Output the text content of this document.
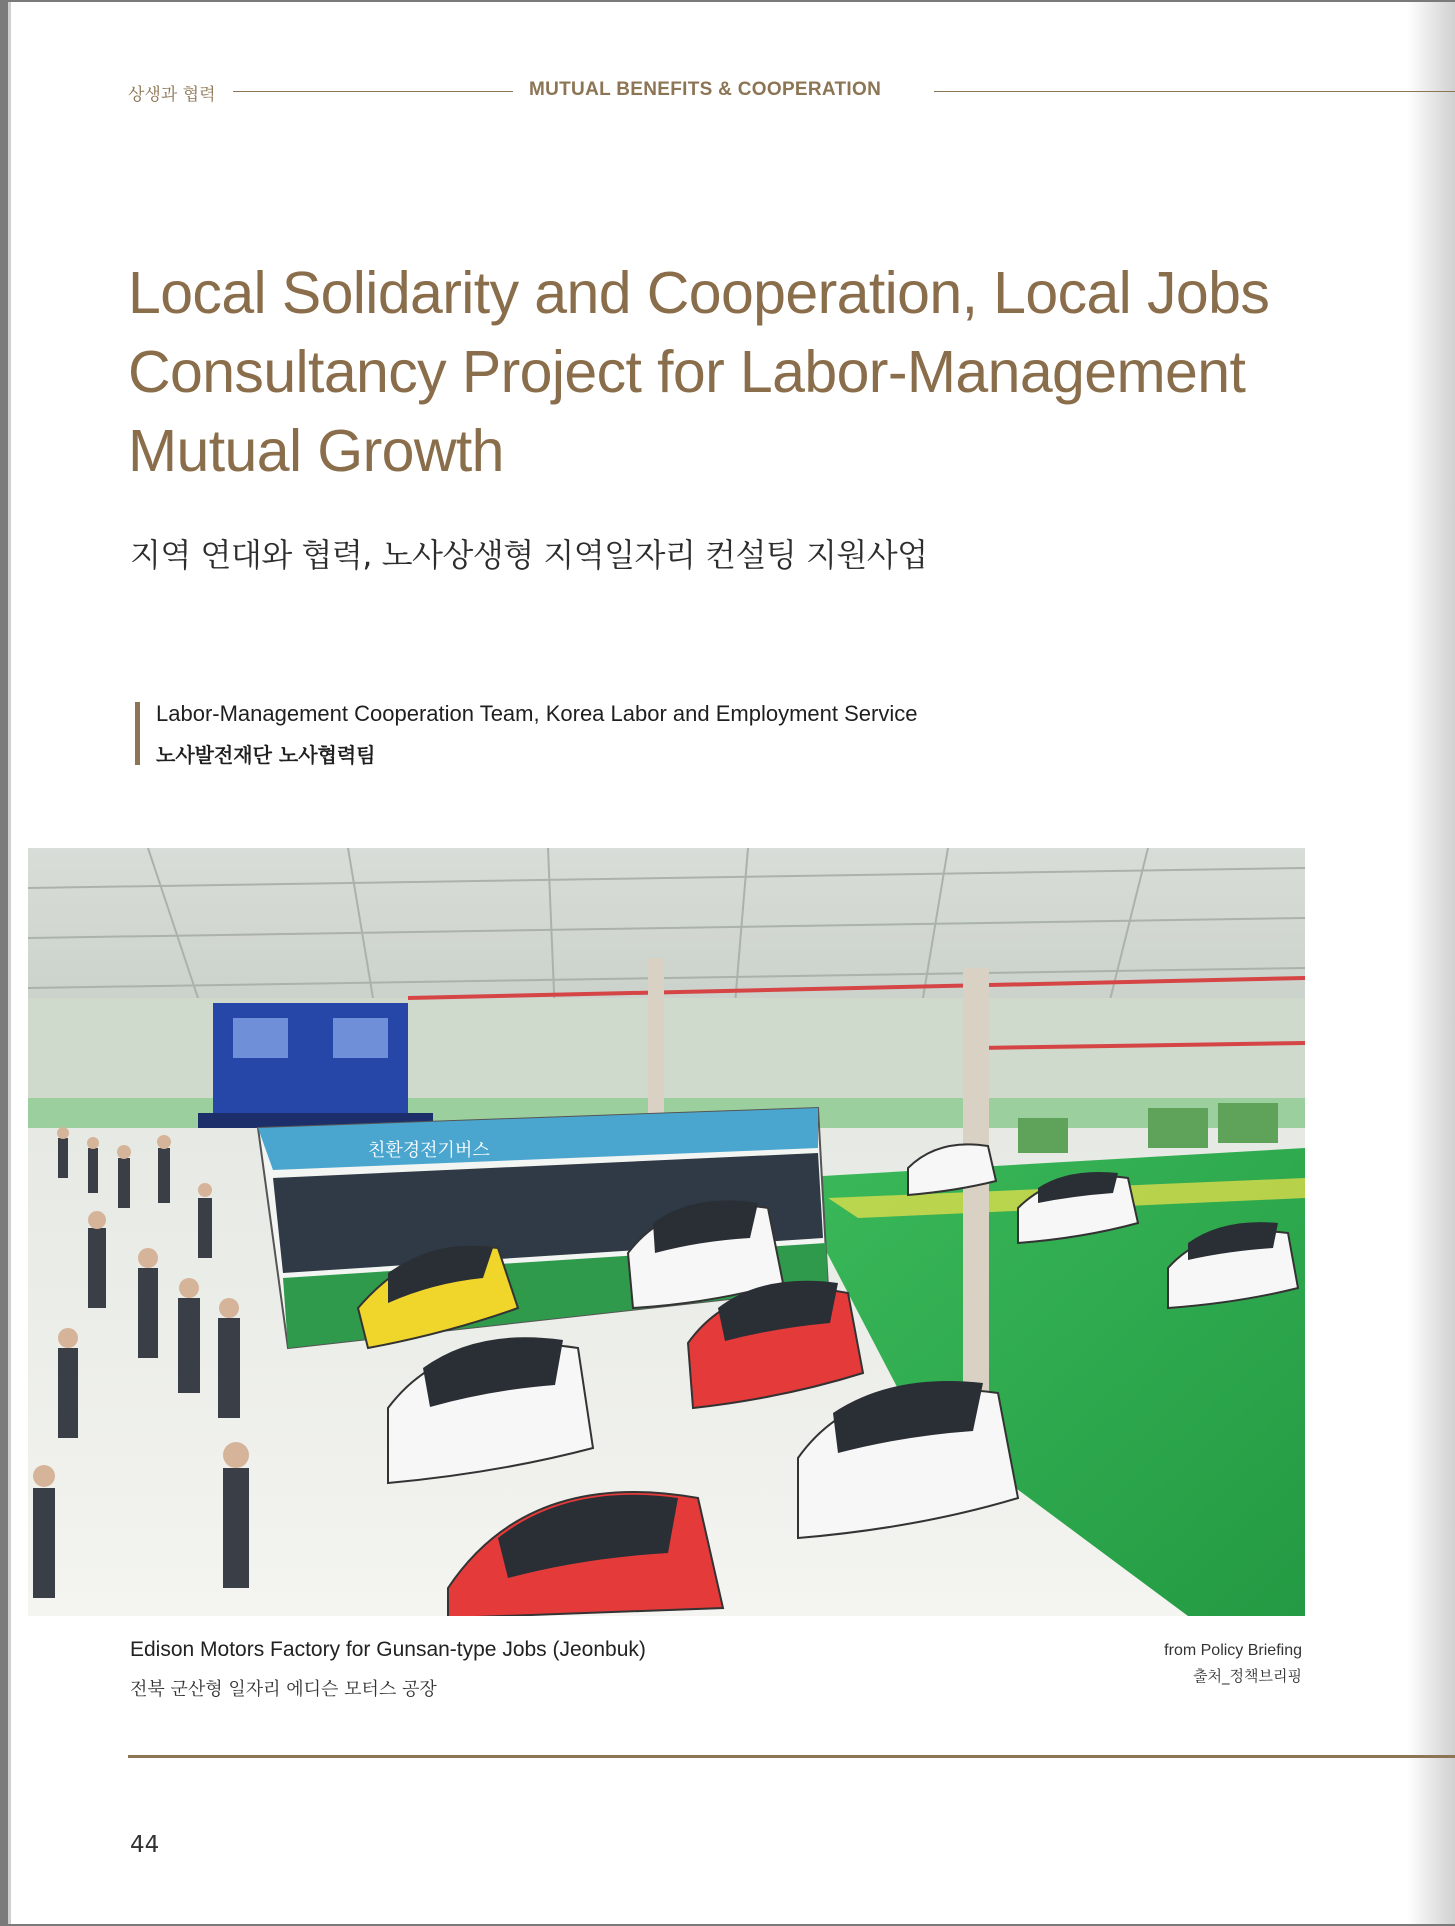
상생과 협력	MUTUAL BENEFITS & COOPERATION
Local Solidarity and Cooperation, Local Jobs
Consultancy Project for Labor-Management
Mutual Growth
지역 연대와 협력, 노사상생형 지역일자리 컨설팅 지원사업
Labor-Management Cooperation Team, Korea Labor and Employment Service
노사발전재단 노사협력팀
친환경전기버스
Edison Motors Factory for Gunsan-type Jobs (Jeonbuk)
전북 군산형 일자리 에디슨 모터스 공장
from Policy Briefing
출처_정책브리핑
44
